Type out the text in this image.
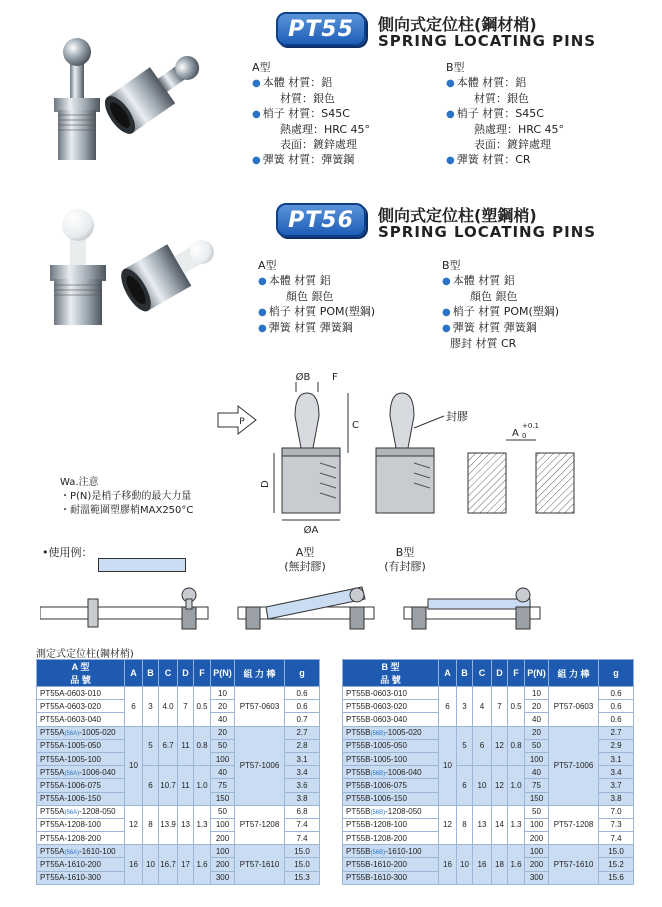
PT55	側向式定位柱(鋼材梢)
SPRING LOCATING PINS
A型
● 本體 材質：鋁
材質：銀色
● 梢子 材質：S45C
熱處理：HRC 45°
表面：鍍鋅處理
● 彈簧 材質：彈簧鋼
B型
● 本體 材質：鋁
材質：銀色
● 梢子 材質：S45C
熱處理：HRC 45°
表面：鍍鋅處理
● 彈簧 材質：CR
PT56	側向式定位柱(塑鋼梢)
SPRING LOCATING PINS
A型
● 本體 材質 鋁
顏色 銀色
● 梢子 材質 POM(塑鋼)
● 彈簧 材質 彈簧鋼
B型
● 本體 材質 鋁
顏色 銀色
● 梢子 材質 POM(塑鋼)
● 彈簧 材質 彈簧鋼
膠封 材質 CR
P
ØB F
C
D
ØA
封膠
A
+0.1
0
Wa.注意
・P(N)是梢子移動的最大力量
・耐溫範圍塑膠梢MAX250°C
•使用例：	A型
(無封膠)
B型
(有封膠)
測定式定位柱(鋼材梢)
A 型
品 號	A	B	C	D	F	P(N)	組 力 棒	g
PT55A-0603-010	6	3	4.0	7	0.5	10	PT57-0603	0.6
PT55A-0603-020						20		0.6
PT55A-0603-040						40		0.7
PT55A(56A)-1005-020	10	5	6.7	11	0.8	20	PT57-1006	2.7
PT55A-1005-050						50		2.8
PT55A-1005-100						100		3.1
PT55A(56A)-1006-040		6	10.7	11	1.0	40		3.4
PT55A-1006-075						75		3.6
PT55A-1006-150						150		3.8
PT55A(56A)-1208-050	12	8	13.9	13	1.3	50	PT57-1208	6.8
PT55A-1208-100						100		7.4
PT55A-1208-200						200		7.4
PT55A(56A)-1610-100	16	10	16.7	17	1.6	100	PT57-1610	15.0
PT55A-1610-200						200		15.0
PT55A-1610-300						300		15.3
B 型
品 號	A	B	C	D	F	P(N)	組 力 棒	g
PT55B-0603-010	6	3	4	7	0.5	10	PT57-0603	0.6
PT55B-0603-020						20		0.6
PT55B-0603-040						40		0.6
PT55B(56B)-1005-020	10	5	6	12	0.8	20	PT57-1006	2.7
PT55B-1005-050						50		2.9
PT55B-1005-100						100		3.1
PT55B(56B)-1006-040		6	10	12	1.0	40		3.4
PT55B-1006-075						75		3.7
PT55B-1006-150						150		3.8
PT55B(56B)-1208-050	12	8	13	14	1.3	50	PT57-1208	7.0
PT55B-1208-100						100		7.3
PT55B-1208-200						200		7.4
PT55B(56B)-1610-100	16	10	16	18	1.6	100	PT57-1610	15.0
PT55B-1610-200						200		15.2
PT55B-1610-300						300		15.6
